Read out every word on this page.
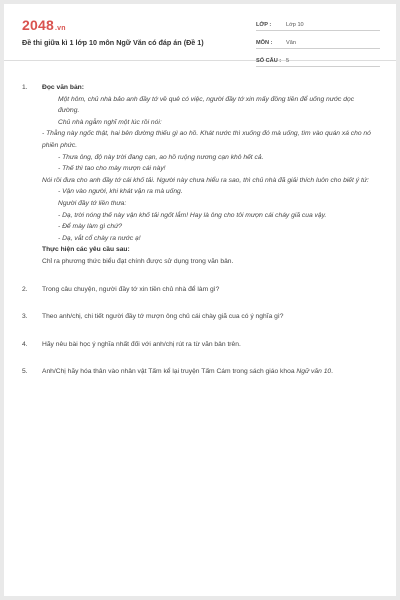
2048.vn
Đề thi giữa kì 1 lớp 10 môn Ngữ Văn có đáp án (Đề 1)
LỚP :	Lớp 10
MÔN :	Văn
SỐ CÂU : 5
1.	Đọc văn bản:
Một hôm, chủ nhà bảo anh đầy tớ về quê có việc, người đầy tớ xin mấy đồng tiền để uống nước dọc đường.
Chủ nhà ngẫm nghĩ một lúc rồi nói:
- Thằng này ngốc thật, hai bên đường thiếu gì ao hồ. Khát nước thì xuống đó mà uống, tìm vào quán xá cho nó phiền phức.
- Thưa ông, độ này trời đang cạn, ao hồ ruộng nương cạn khô hết cả.
- Thế thì tao cho mày mượn cái này!
Nói rồi đưa cho anh đầy tớ cái khố tải. Người này chưa hiểu ra sao, thì chủ nhà đã giải thích luôn cho biết ý tứ:
- Vận vào người, khi khát vặn ra mà uống.
Người đầy tớ liền thưa:
- Dạ, trời nóng thế này vận khố tải ngốt lắm! Hay là ông cho tôi mượn cái cháy giã cua vậy.
- Để mày làm gì chứ?
- Dạ, vắt cổ chày ra nước ạ!
Thực hiện các yêu cầu sau:
Chỉ ra phương thức biểu đạt chính được sử dụng trong văn bản.
2.	Trong câu chuyện, người đầy tớ xin tiền chủ nhà để làm gì?
3.	Theo anh/chị, chi tiết người đầy tớ mượn ông chủ cái chày giã cua có ý nghĩa gì?
4.	Hãy nêu bài học ý nghĩa nhất đối với anh/chị rút ra từ văn bản trên.
5.	Anh/Chị hãy hóa thân vào nhân vật Tấm kể lại truyện Tấm Cám trong sách giáo khoa Ngữ văn 10.
